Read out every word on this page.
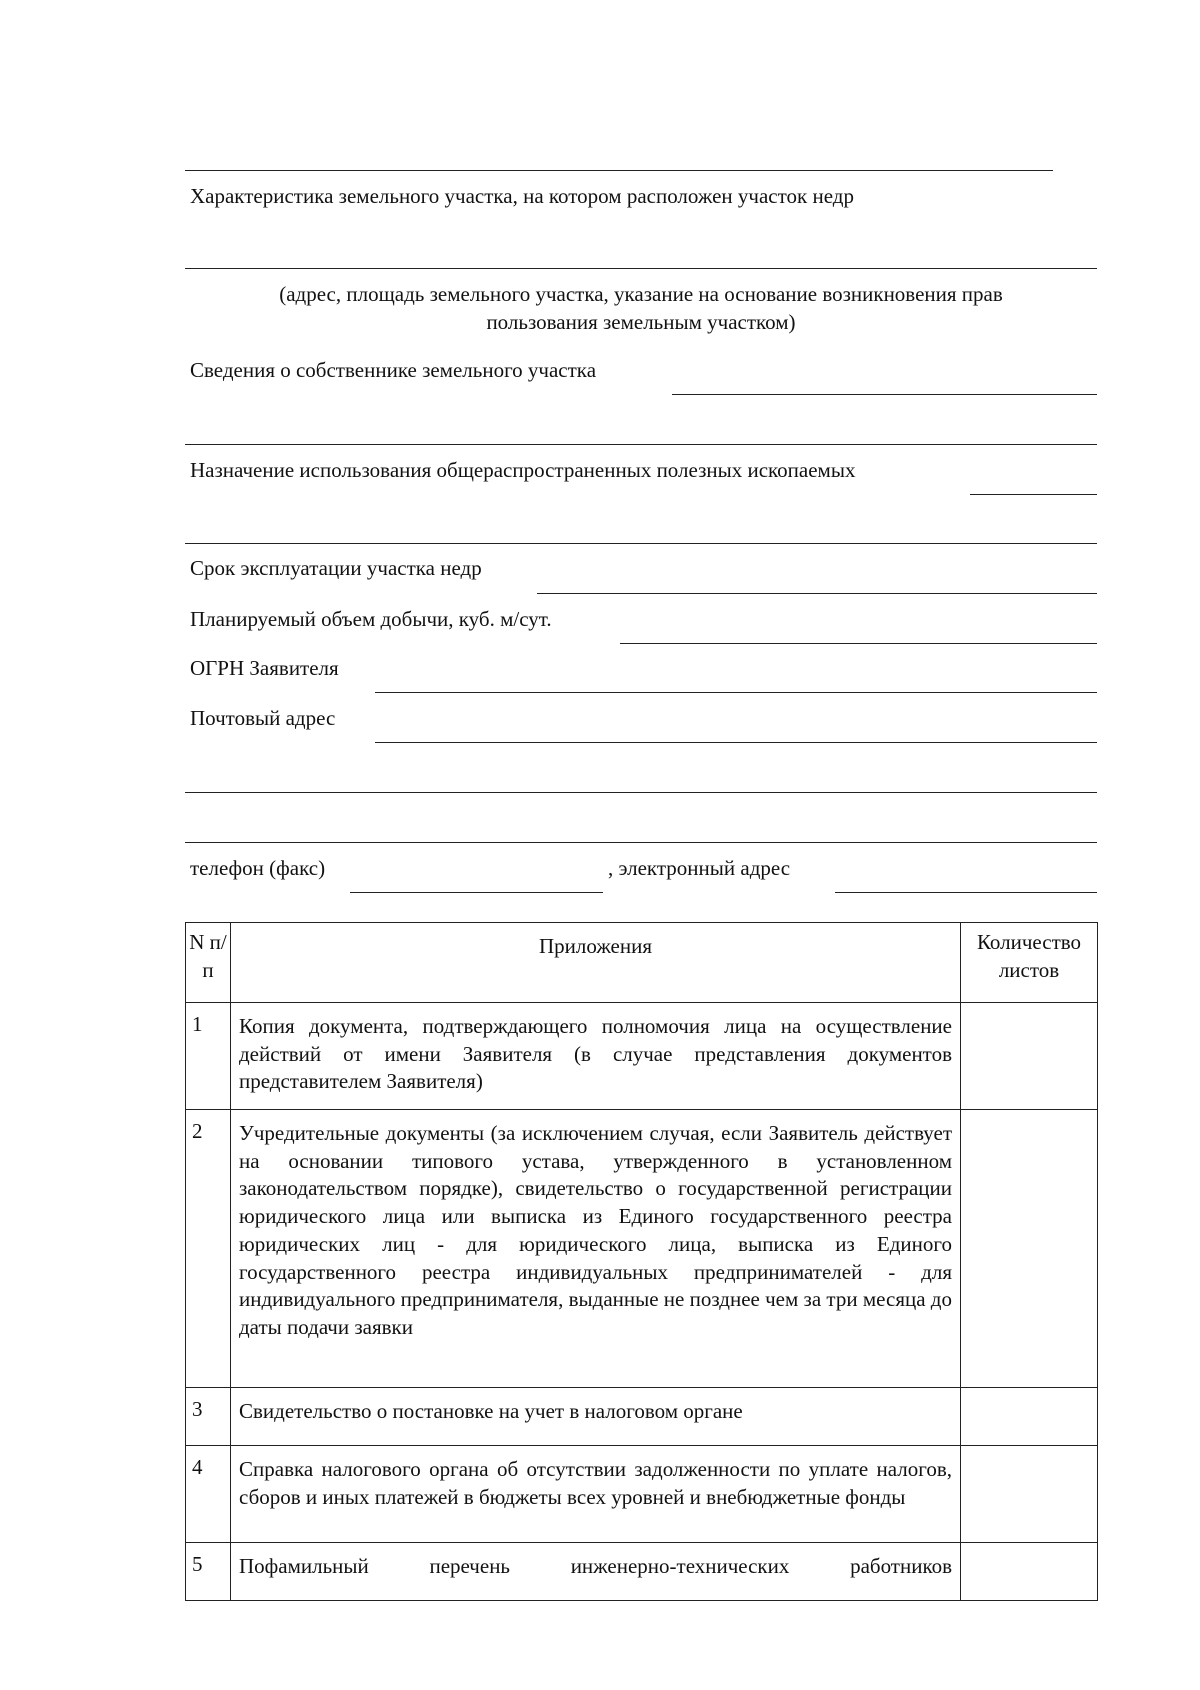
Характеристика земельного участка, на котором расположен участок недр
(адрес, площадь земельного участка, указание на основание возникновения прав
пользования земельным участком)
Сведения о собственнике земельного участка
Назначение использования общераспространенных полезных ископаемых
Срок эксплуатации участка недр
Планируемый объем добычи, куб. м/сут.
ОГРН Заявителя
Почтовый адрес
телефон (факс)	, электронный адрес
N п/п	Приложения	Количество листов
1	Копия документа, подтверждающего полномочия лица на осуществление действий от имени Заявителя (в случае представления документов представителем Заявителя)	
2	Учредительные документы (за исключением случая, если Заявитель действует на основании типового устава, утвержденного в установленном законодательством порядке), свидетельство о государственной регистрации юридического лица или выписка из Единого государственного реестра юридических лиц - для юридического лица, выписка из Единого государственного реестра индивидуальных предпринимателей - для индивидуального предпринимателя, выданные не позднее чем за три месяца до даты подачи заявки	
3	Свидетельство о постановке на учет в налоговом органе	
4	Справка налогового органа об отсутствии задолженности по уплате налогов, сборов и иных платежей в бюджеты всех уровней и внебюджетные фонды	
5	Пофамильный перечень инженерно-технических работников	
